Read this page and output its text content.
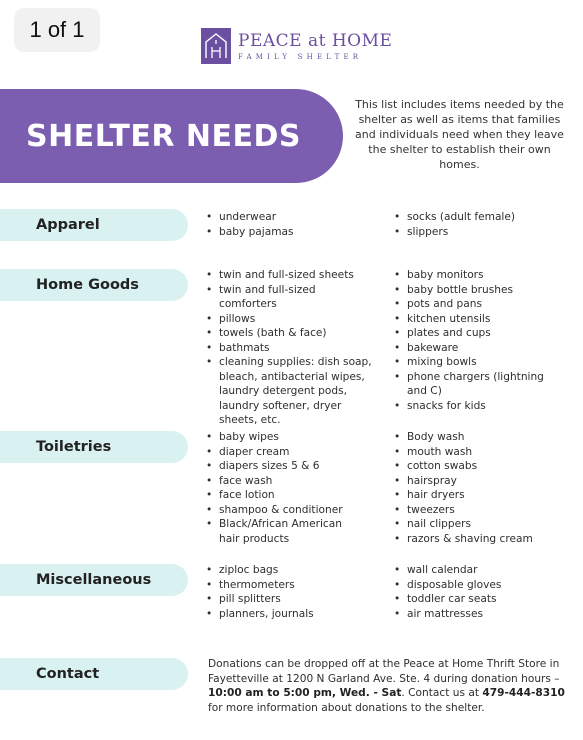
1 of 1	PEACE at HOME
FAMILY SHELTER
SHELTER NEEDS
This list includes items needed by the shelter as well as items that families and individuals need when they leave the shelter to establish their own homes.
Apparel
•	underwear
• baby pajamas
• socks (adult female)
• slippers
Home Goods
• twin and full-sized sheets
• twin and full-sized comforters
• pillows
• towels (bath & face)
• bathmats
• cleaning supplies: dish soap, bleach, antibacterial wipes, laundry detergent pods, laundry softener, dryer sheets, etc.
• baby monitors
• baby bottle brushes
• pots and pans
• kitchen utensils
• plates and cups
• bakeware
• mixing bowls
• phone chargers (lightning and C)
• snacks for kids
Toiletries
• baby wipes
• diaper cream
• diapers sizes 5 & 6
• face wash
• face lotion
• shampoo & conditioner
• Black/African American hair products
• Body wash
• mouth wash
• cotton swabs
• hairspray
• hair dryers
• tweezers
• nail clippers
• razors & shaving cream
Miscellaneous
• ziploc bags
• thermometers
• pill splitters
• planners, journals
• wall calendar
• disposable gloves
• toddler car seats
• air mattresses
Contact
Donations can be dropped off at the Peace at Home Thrift Store in Fayetteville at 1200 N Garland Ave. Ste. 4 during donation hours – 10:00 am to 5:00 pm, Wed. - Sat. Contact us at 479-444-8310 for more information about donations to the shelter.
